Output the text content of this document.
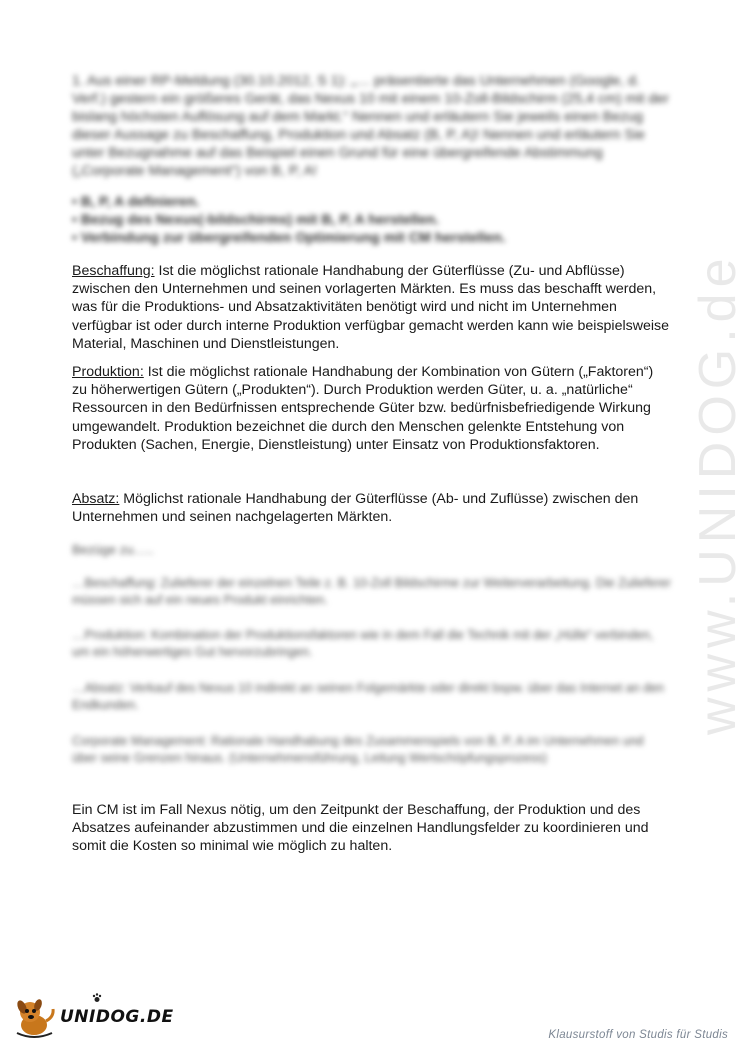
www.UNIDOG.de

1. Aus einer RP-Meldung (30.10.2012, S 1): „… präsentierte das Unternehmen (Google, d. Verf.) gestern ein größeres Gerät, das Nexus 10 mit einem 10-Zoll-Bildschirm (25,4 cm) mit der bislang höchsten Auflösung auf dem Markt.“ Nennen und erläutern Sie jeweils einen Bezug dieser Aussage zu Beschaffung, Produktion und Absatz (B, P, A)! Nennen und erläutern Sie unter Bezugnahme auf das Beispiel einen Grund für eine übergreifende Abstimmung („Corporate Management“) von B, P, A!

• B, P, A definieren.
• Bezug des Nexus(-bildschirms) mit B, P, A herstellen.
• Verbindung zur übergreifenden Optimierung mit CM herstellen.

Beschaffung: Ist die möglichst rationale Handhabung der Güterflüsse (Zu- und Abflüsse) zwischen den Unternehmen und seinen vorlagerten Märkten. Es muss das beschafft werden, was für die Produktions- und Absatzaktivitäten benötigt wird und nicht im Unternehmen verfügbar ist oder durch interne Produktion verfügbar gemacht werden kann wie beispielsweise Material, Maschinen und Dienstleistungen.

Produktion: Ist die möglichst rationale Handhabung der Kombination von Gütern („Faktoren“) zu höherwertigen Gütern („Produkten“). Durch Produktion werden Güter, u. a. „natürliche“ Ressourcen in den Bedürfnissen entsprechende Güter bzw. bedürfnisbefriedigende Wirkung umgewandelt. Produktion bezeichnet die durch den Menschen gelenkte Entstehung von Produkten (Sachen, Energie, Dienstleistung) unter Einsatz von Produktionsfaktoren.

Absatz: Möglichst rationale Handhabung der Güterflüsse (Ab- und Zuflüsse) zwischen den Unternehmen und seinen nachgelagerten Märkten.

Bezüge zu…..

…Beschaffung: Zulieferer der einzelnen Teile z. B. 10-Zoll Bildschirme zur Weiterverarbeitung. Die Zulieferer müssen sich auf ein neues Produkt einrichten.

…Produktion: Kombination der Produktionsfaktoren wie in dem Fall die Technik mit der „Hülle“ verbinden, um ein höherwertiges Gut hervorzubringen.

…Absatz: Verkauf des Nexus 10 indirekt an seinen Folgemärkte oder direkt bspw. über das Internet an den Endkunden.

Corporate Management: Rationale Handhabung des Zusammenspiels von B, P, A im Unternehmen und über seine Grenzen hinaus. (Unternehmensführung, Leitung Wertschöpfungsprozess)

Ein CM ist im Fall Nexus nötig, um den Zeitpunkt der Beschaffung, der Produktion und des Absatzes aufeinander abzustimmen und die einzelnen Handlungsfelder zu koordinieren und somit die Kosten so minimal wie möglich zu halten.

UNIDOG.DE
Klausurstoff von Studis für Studis
